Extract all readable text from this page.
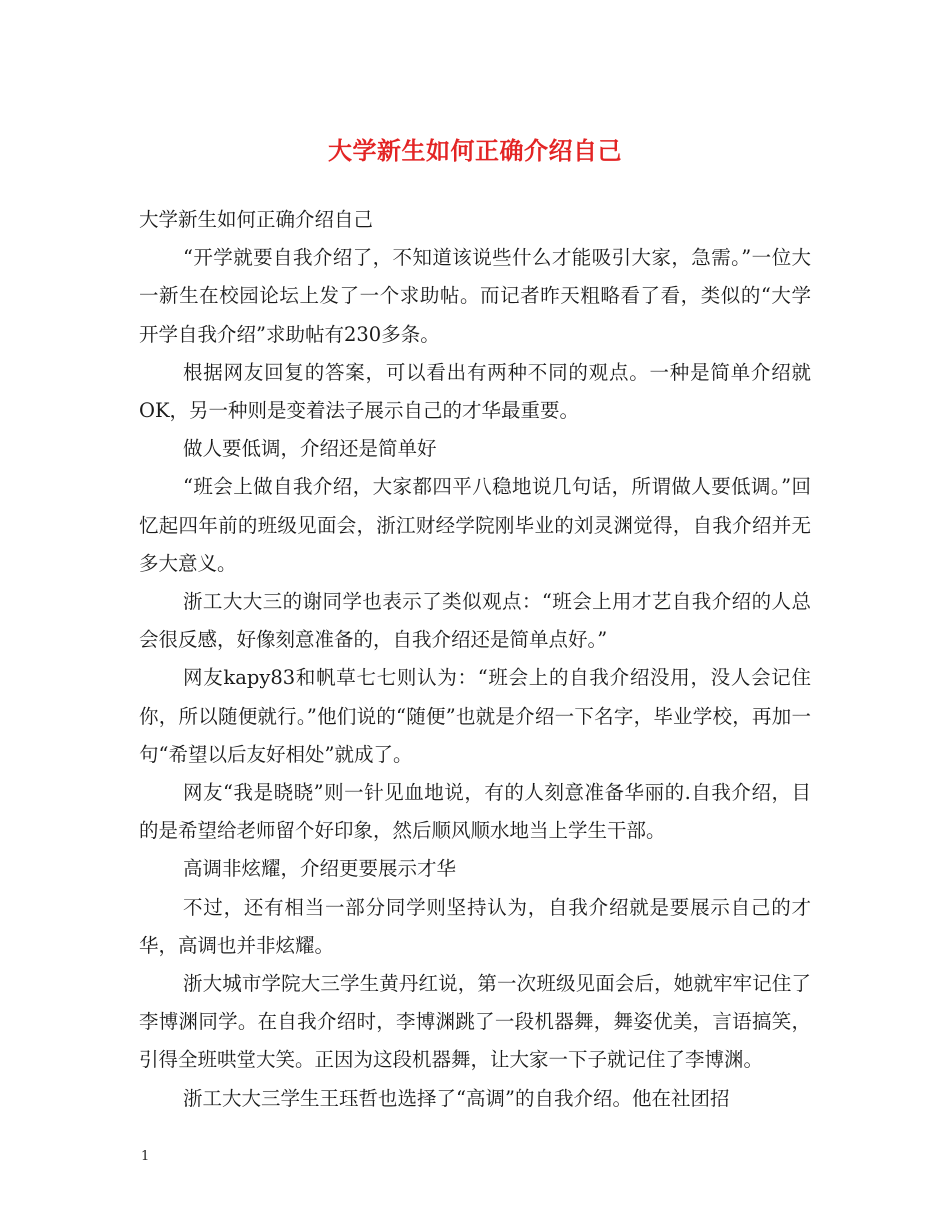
大学新生如何正确介绍自己

大学新生如何正确介绍自己

“开学就要自我介绍了，不知道该说些什么才能吸引大家，急需。”一位大一新生在校园论坛上发了一个求助帖。而记者昨天粗略看了看，类似的“大学开学自我介绍”求助帖有230多条。

根据网友回复的答案，可以看出有两种不同的观点。一种是简单介绍就OK，另一种则是变着法子展示自己的才华最重要。

做人要低调，介绍还是简单好

“班会上做自我介绍，大家都四平八稳地说几句话，所谓做人要低调。”回忆起四年前的班级见面会，浙江财经学院刚毕业的刘灵渊觉得，自我介绍并无多大意义。

浙工大大三的谢同学也表示了类似观点：“班会上用才艺自我介绍的人总会很反感，好像刻意准备的，自我介绍还是简单点好。”

网友kapy83和帆草七七则认为：“班会上的自我介绍没用，没人会记住你，所以随便就行。”他们说的“随便”也就是介绍一下名字，毕业学校，再加一句“希望以后友好相处”就成了。

网友“我是晓晓”则一针见血地说，有的人刻意准备华丽的.自我介绍，目的是希望给老师留个好印象，然后顺风顺水地当上学生干部。

高调非炫耀，介绍更要展示才华

不过，还有相当一部分同学则坚持认为，自我介绍就是要展示自己的才华，高调也并非炫耀。

浙大城市学院大三学生黄丹红说，第一次班级见面会后，她就牢牢记住了李博渊同学。在自我介绍时，李博渊跳了一段机器舞，舞姿优美，言语搞笑，引得全班哄堂大笑。正因为这段机器舞，让大家一下子就记住了李博渊。

浙工大大三学生王珏哲也选择了“高调”的自我介绍。他在社团招

1
